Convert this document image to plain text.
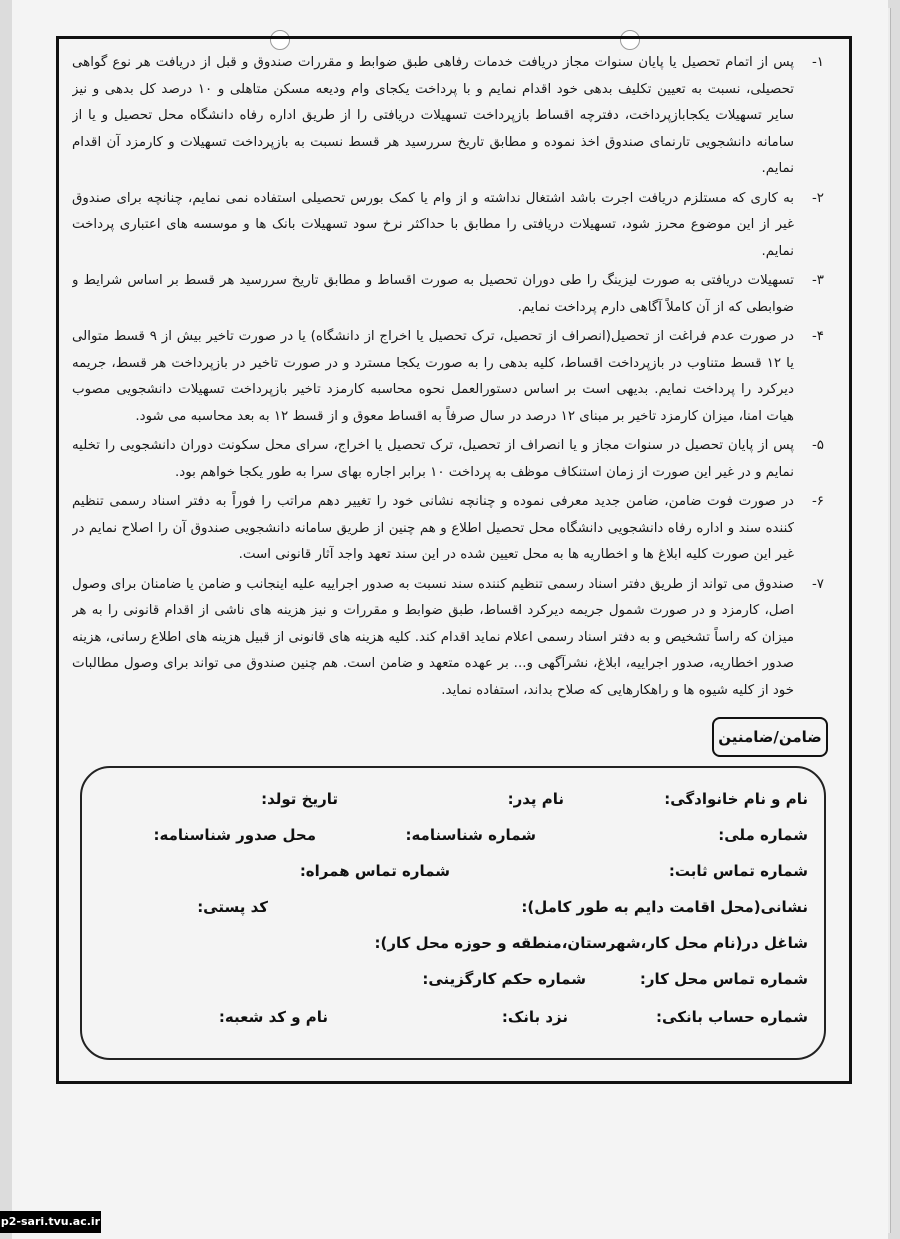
۱-
پس از اتمام تحصیل یا پایان سنوات مجاز دریافت خدمات رفاهی طبق ضوابط و مقررات صندوق و قبل از دریافت هر نوع گواهی تحصیلی، نسبت به تعیین تکلیف بدهی خود اقدام نمایم و با پرداخت یکجای وام ودیعه مسکن متاهلی و ۱۰ درصد کل بدهی و نیز سایر تسهیلات یکجابازپرداخت، دفترچه اقساط بازپرداخت تسهیلات دریافتی را از طریق اداره رفاه دانشگاه محل تحصیل و یا از سامانه دانشجویی تارنمای صندوق اخذ نموده و مطابق تاریخ سررسید هر قسط نسبت به بازپرداخت تسهیلات و کارمزد آن اقدام نمایم.
۲-
به کاری که مستلزم دریافت اجرت باشد اشتغال نداشته و از وام یا کمک بورس تحصیلی استفاده نمی نمایم، چنانچه برای صندوق غیر از این موضوع محرز شود، تسهیلات دریافتی را مطابق با حداکثر نرخ سود تسهیلات بانک ها و موسسه های اعتباری پرداخت نمایم.
۳-
تسهیلات دریافتی به صورت لیزینگ را طی دوران تحصیل به صورت اقساط و مطابق تاریخ سررسید هر قسط بر اساس شرایط و ضوابطی که از آن کاملاً آگاهی دارم پرداخت نمایم.
۴-
در صورت عدم فراغت از تحصیل(انصراف از تحصیل، ترک تحصیل یا اخراج از دانشگاه) یا در صورت تاخیر بیش از ۹ قسط متوالی یا ۱۲ قسط متناوب در بازپرداخت اقساط، کلیه بدهی را به صورت یکجا مسترد و در صورت تاخیر در بازپرداخت هر قسط، جریمه دیرکرد را پرداخت نمایم. بدیهی است بر اساس دستورالعمل نحوه محاسبه کارمزد تاخیر بازپرداخت تسهیلات دانشجویی مصوب هیات امنا، میزان کارمزد تاخیر بر مبنای ۱۲ درصد در سال صرفاً به اقساط معوق و از قسط ۱۲ به بعد محاسبه می شود.
۵-
پس از پایان تحصیل در سنوات مجاز و یا انصراف از تحصیل، ترک تحصیل یا اخراج، سرای محل سکونت دوران دانشجویی را تخلیه نمایم و در غیر این صورت از زمان استنکاف موظف به پرداخت ۱۰ برابر اجاره بهای سرا به طور یکجا خواهم بود.
۶-
در صورت فوت ضامن، ضامن جدید معرفی نموده و چنانچه نشانی خود را تغییر دهم مراتب را فوراً به دفتر اسناد رسمی تنظیم کننده سند و اداره رفاه دانشجویی دانشگاه محل تحصیل اطلاع و هم چنین از طریق سامانه دانشجویی صندوق آن را اصلاح نمایم در غیر این صورت کلیه ابلاغ ها و اخطاریه ها به محل تعیین شده در این سند تعهد واجد آثار قانونی است.
۷-
صندوق می تواند از طریق دفتر اسناد رسمی تنظیم کننده سند نسبت به صدور اجراییه علیه اینجانب و ضامن یا ضامنان برای وصول اصل، کارمزد و در صورت شمول جریمه دیرکرد اقساط، طبق ضوابط و مقررات و نیز هزینه های ناشی از اقدام قانونی را به هر میزان که راساً تشخیص و به دفتر اسناد رسمی اعلام نماید اقدام کند. کلیه هزینه های قانونی از قبیل هزینه های اطلاع رسانی، هزینه صدور اخطاریه، صدور اجراییه، ابلاغ، نشرآگهی و... بر عهده متعهد و ضامن است. هم چنین صندوق می تواند برای وصول مطالبات خود از کلیه شیوه ها و راهکارهایی که صلاح بداند، استفاده نماید.
ضامن/ضامنین
نام و نام خانوادگی:
نام پدر:
تاریخ تولد:
شماره ملی:
شماره شناسنامه:
محل صدور شناسنامه:
شماره تماس ثابت:
شماره تماس همراه:
نشانی(محل اقامت دایم به طور کامل):
کد پستی:
شاغل در(نام محل کار،شهرستان،منطقه و حوزه محل کار):
شماره تماس محل کار:
شماره حکم کارگزینی:
شماره حساب بانکی:
نزد بانک:
نام و کد شعبه:
p2-sari.tvu.ac.ir
